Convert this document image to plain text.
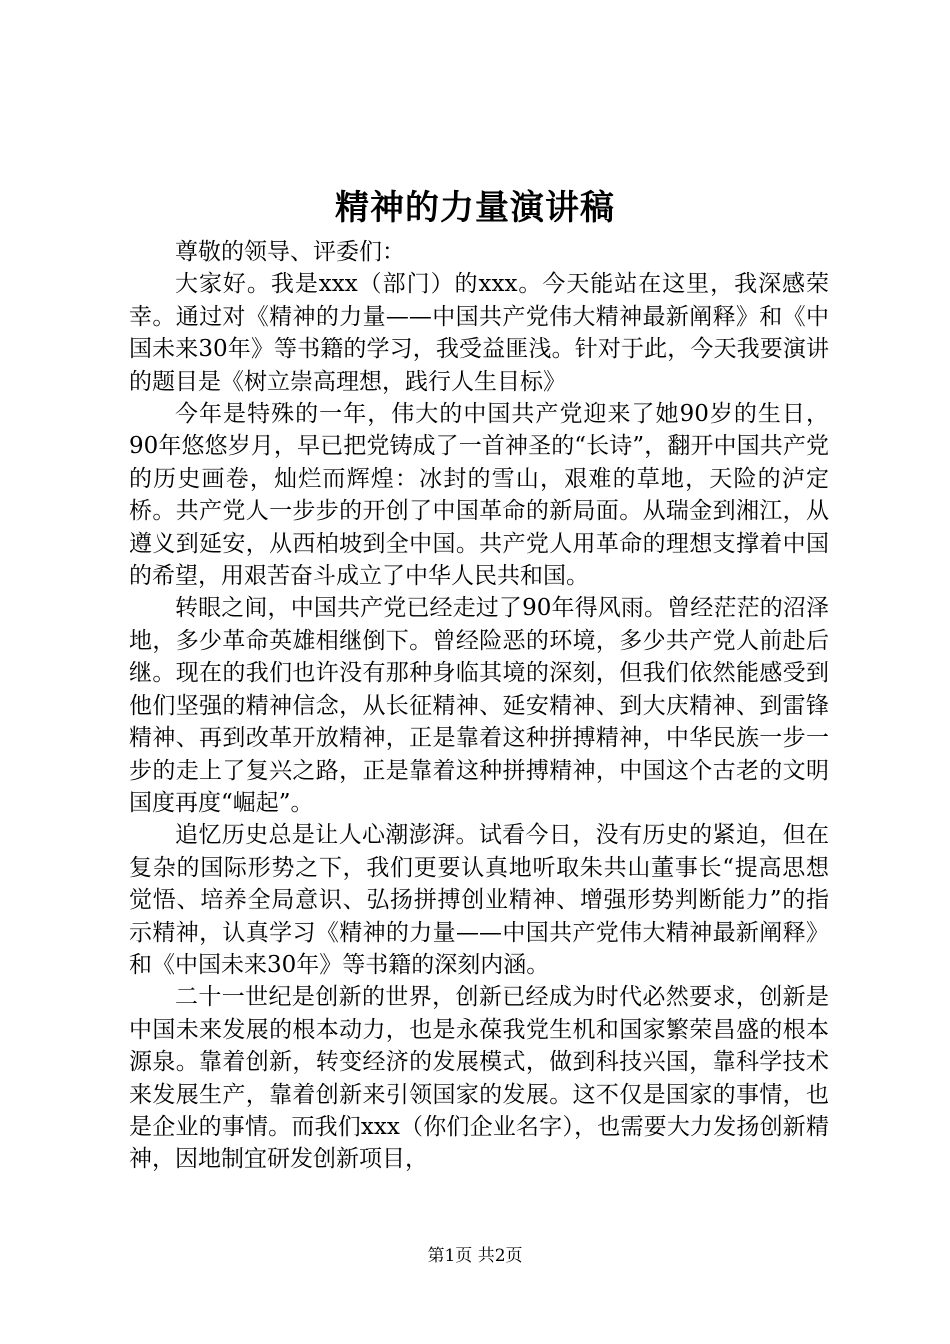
精神的力量演讲稿

尊敬的领导、评委们：

大家好。我是xxx（部门）的xxx。今天能站在这里，我深感荣幸。通过对《精神的力量——中国共产党伟大精神最新阐释》和《中国未来30年》等书籍的学习，我受益匪浅。针对于此，今天我要演讲的题目是《树立崇高理想，践行人生目标》

今年是特殊的一年，伟大的中国共产党迎来了她90岁的生日，90年悠悠岁月，早已把党铸成了一首神圣的“长诗”，翻开中国共产党的历史画卷，灿烂而辉煌：冰封的雪山，艰难的草地，天险的泸定桥。共产党人一步步的开创了中国革命的新局面。从瑞金到湘江，从遵义到延安，从西柏坡到全中国。共产党人用革命的理想支撑着中国的希望，用艰苦奋斗成立了中华人民共和国。

转眼之间，中国共产党已经走过了90年得风雨。曾经茫茫的沼泽地，多少革命英雄相继倒下。曾经险恶的环境，多少共产党人前赴后继。现在的我们也许没有那种身临其境的深刻，但我们依然能感受到他们坚强的精神信念，从长征精神、延安精神、到大庆精神、到雷锋精神、再到改革开放精神，正是靠着这种拼搏精神，中华民族一步一步的走上了复兴之路，正是靠着这种拼搏精神，中国这个古老的文明国度再度“崛起”。

追忆历史总是让人心潮澎湃。试看今日，没有历史的紧迫，但在复杂的国际形势之下，我们更要认真地听取朱共山董事长“提高思想觉悟、培养全局意识、弘扬拼搏创业精神、增强形势判断能力”的指示精神，认真学习《精神的力量——中国共产党伟大精神最新阐释》和《中国未来30年》等书籍的深刻内涵。

二十一世纪是创新的世界，创新已经成为时代必然要求，创新是中国未来发展的根本动力，也是永葆我党生机和国家繁荣昌盛的根本源泉。靠着创新，转变经济的发展模式，做到科技兴国，靠科学技术来发展生产，靠着创新来引领国家的发展。这不仅是国家的事情，也是企业的事情。而我们xxx（你们企业名字），也需要大力发扬创新精神，因地制宜研发创新项目，

第1页 共2页
